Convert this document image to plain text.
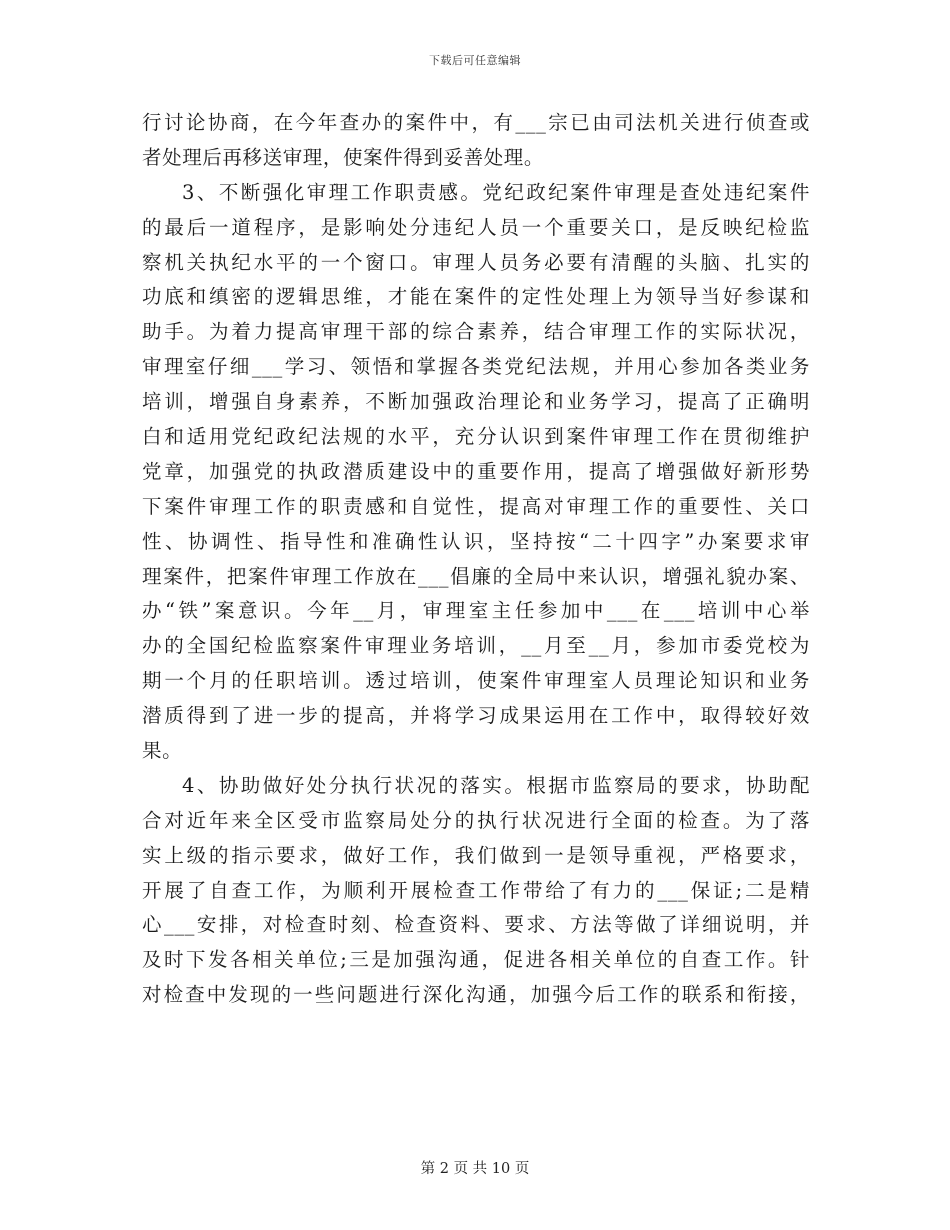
下载后可任意编辑
行讨论协商，在今年查办的案件中，有___宗已由司法机关进行侦查或
者处理后再移送审理，使案件得到妥善处理。
3、不断强化审理工作职责感。党纪政纪案件审理是查处违纪案件
的最后一道程序，是影响处分违纪人员一个重要关口，是反映纪检监
察机关执纪水平的一个窗口。审理人员务必要有清醒的头脑、扎实的
功底和缜密的逻辑思维，才能在案件的定性处理上为领导当好参谋和
助手。为着力提高审理干部的综合素养，结合审理工作的实际状况，
审理室仔细___学习、领悟和掌握各类党纪法规，并用心参加各类业务
培训，增强自身素养，不断加强政治理论和业务学习，提高了正确明
白和适用党纪政纪法规的水平，充分认识到案件审理工作在贯彻维护
党章，加强党的执政潜质建设中的重要作用，提高了增强做好新形势
下案件审理工作的职责感和自觉性，提高对审理工作的重要性、关口
性、协调性、指导性和准确性认识，坚持按“二十四字”办案要求审
理案件，把案件审理工作放在___倡廉的全局中来认识，增强礼貌办案、
办“铁”案意识。今年__月，审理室主任参加中___在___培训中心举
办的全国纪检监察案件审理业务培训，__月至__月，参加市委党校为
期一个月的任职培训。透过培训，使案件审理室人员理论知识和业务
潜质得到了进一步的提高，并将学习成果运用在工作中，取得较好效
果。
4、协助做好处分执行状况的落实。根据市监察局的要求，协助配
合对近年来全区受市监察局处分的执行状况进行全面的检查。为了落
实上级的指示要求，做好工作，我们做到一是领导重视，严格要求，
开展了自查工作，为顺利开展检查工作带给了有力的___保证;二是精
心___安排，对检查时刻、检查资料、要求、方法等做了详细说明，并
及时下发各相关单位;三是加强沟通，促进各相关单位的自查工作。针
对检查中发现的一些问题进行深化沟通，加强今后工作的联系和衔接，
第 2 页 共 10 页
